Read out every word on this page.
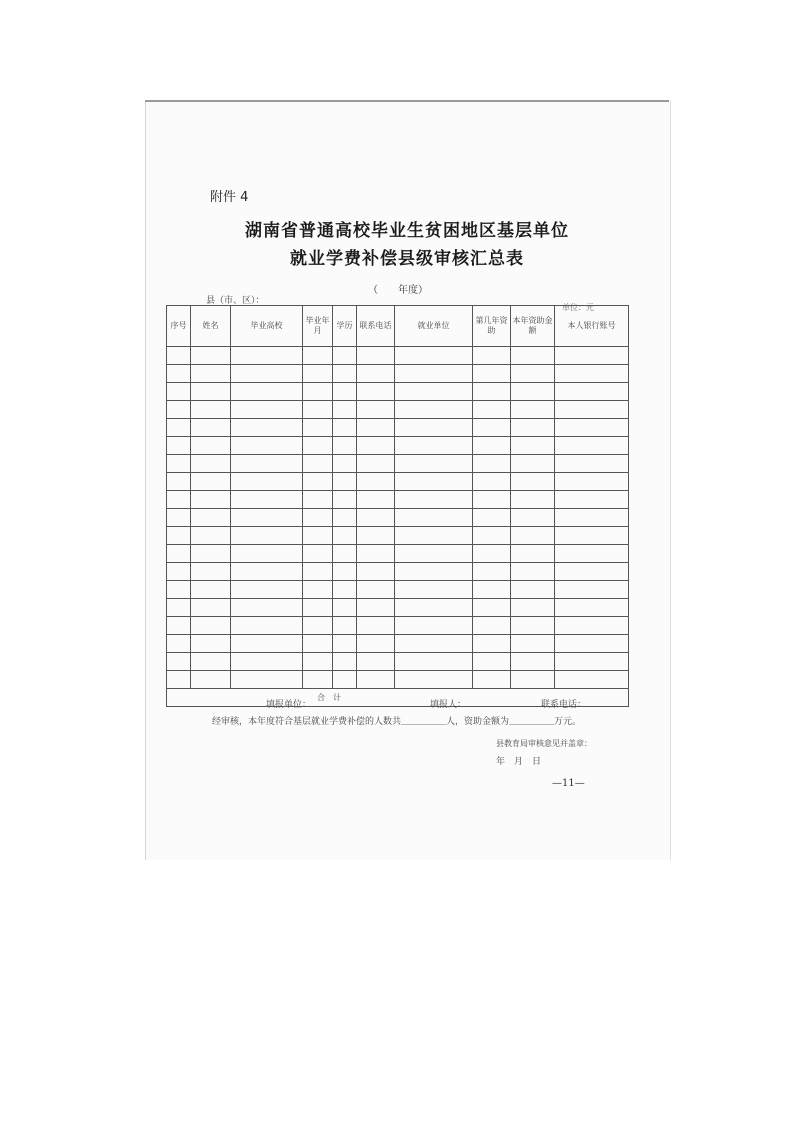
附件 4
湖南省普通高校毕业生贫困地区基层单位
就业学费补偿县级审核汇总表
（　　年度）
县（市、区）：
单位：元
序号	姓名	毕业高校	毕业年月	学历	联系电话	就业单位	第几年资助	本年资助金额	本人银行账号

合　计									
填报单位：	填报人：	联系电话：
经审核，本年度符合基层就业学费补偿的人数共＿＿＿＿＿人，资助金额为＿＿＿＿＿万元。
县教育局审核意见并盖章：
年　月　日
—11—
